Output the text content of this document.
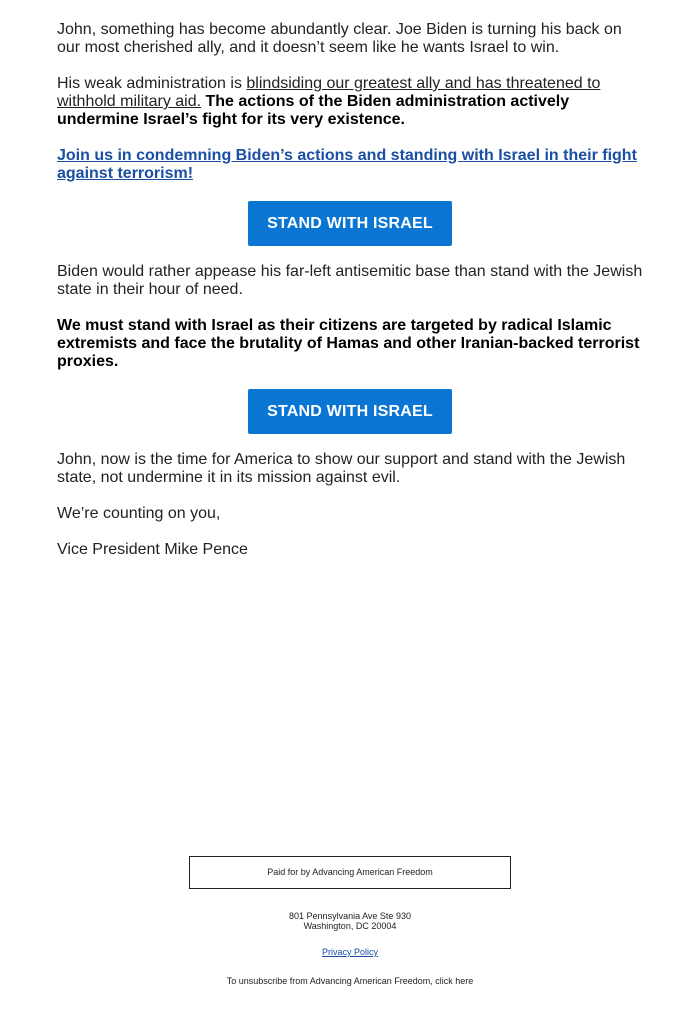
John, something has become abundantly clear. Joe Biden is turning his back on our most cherished ally, and it doesn’t seem like he wants Israel to win.

His weak administration is blindsiding our greatest ally and has threatened to withhold military aid. The actions of the Biden administration actively undermine Israel’s fight for its very existence.

Join us in condemning Biden’s actions and standing with Israel in their fight against terrorism!

STAND WITH ISRAEL

Biden would rather appease his far-left antisemitic base than stand with the Jewish state in their hour of need.

We must stand with Israel as their citizens are targeted by radical Islamic extremists and face the brutality of Hamas and other Iranian-backed terrorist proxies.

STAND WITH ISRAEL

John, now is the time for America to show our support and stand with the Jewish state, not undermine it in its mission against evil.

We’re counting on you,

Vice President Mike Pence

Paid for by Advancing American Freedom
801 Pennsylvania Ave Ste 930
Washington, DC 20004
Privacy Policy
To unsubscribe from Advancing American Freedom, click here
